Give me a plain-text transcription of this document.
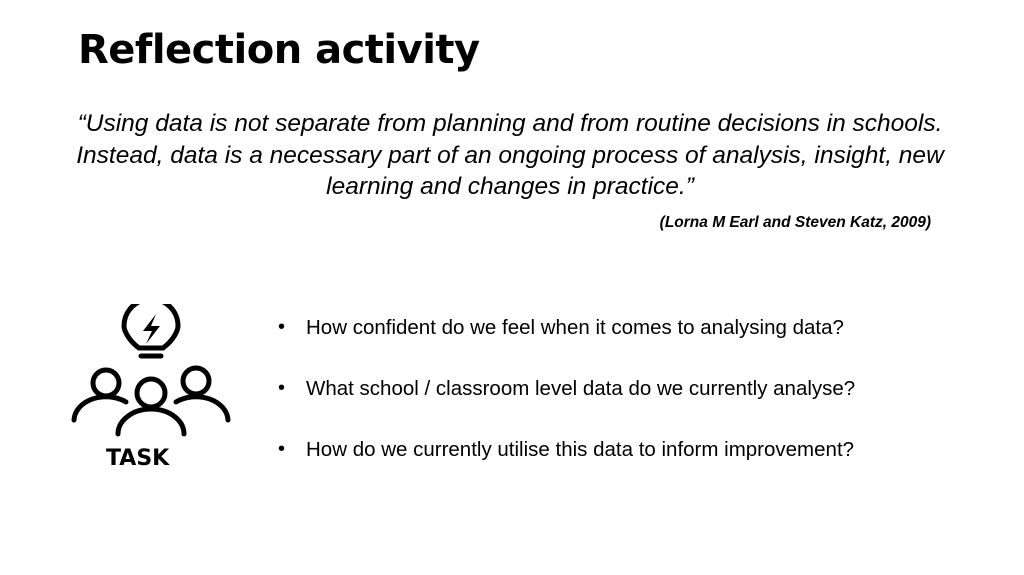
Reflection activity
“Using data is not separate from planning and from routine decisions in schools. Instead, data is a necessary part of an ongoing process of analysis, insight, new learning and changes in practice.”
(Lorna M Earl and Steven Katz, 2009)
TASK
• How confident do we feel when it comes to analysing data?
• What school / classroom level data do we currently analyse?
• How do we currently utilise this data to inform improvement?
